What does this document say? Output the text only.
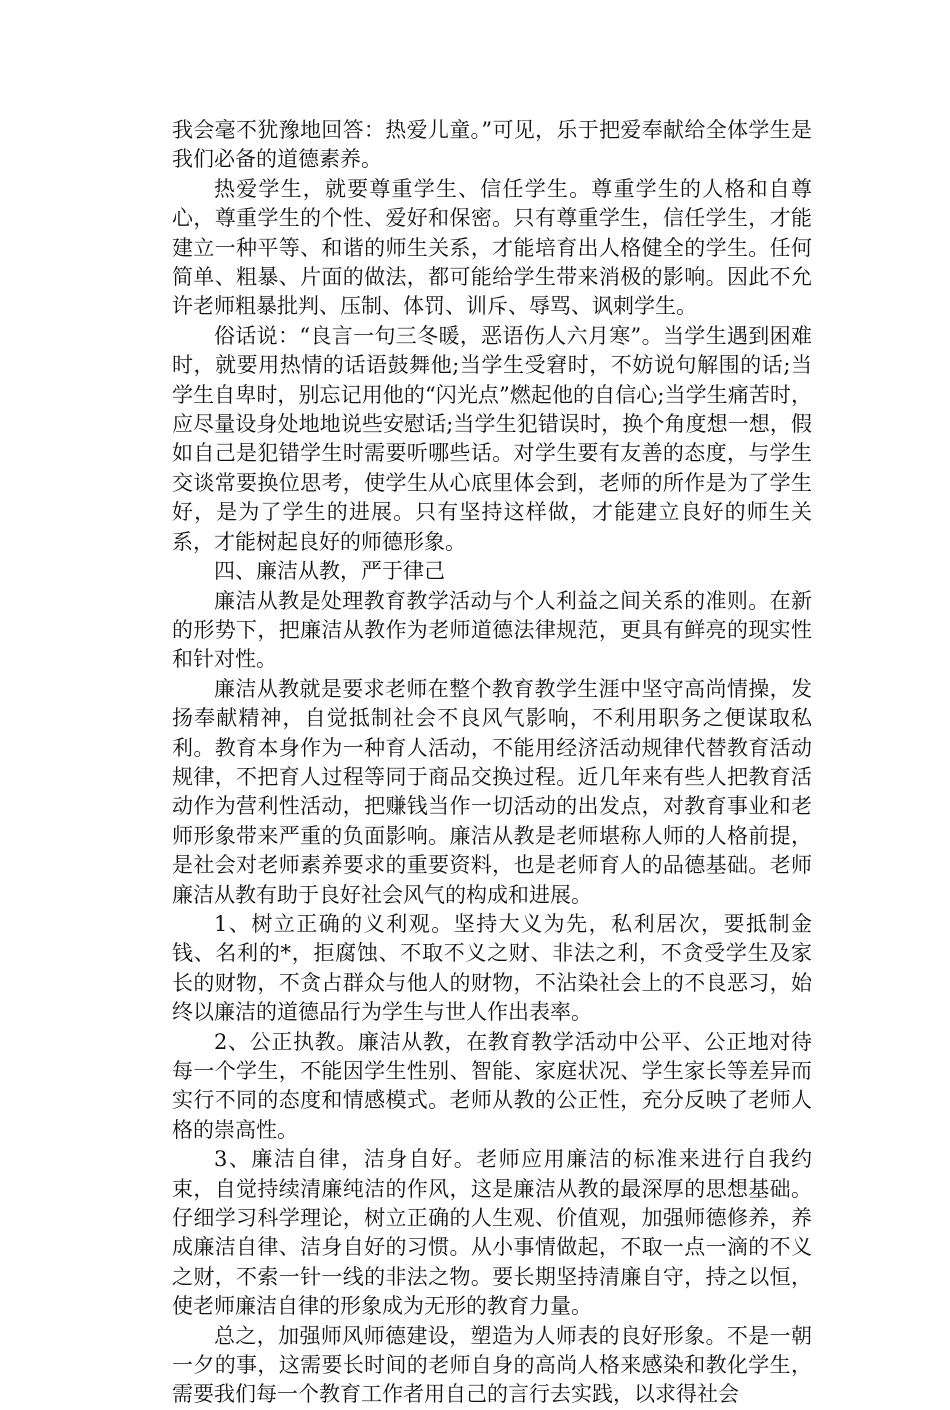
我会毫不犹豫地回答：热爱儿童。”可见，乐于把爱奉献给全体学生是我们必备的道德素养。

热爱学生，就要尊重学生、信任学生。尊重学生的人格和自尊心，尊重学生的个性、爱好和保密。只有尊重学生，信任学生，才能建立一种平等、和谐的师生关系，才能培育出人格健全的学生。任何简单、粗暴、片面的做法，都可能给学生带来消极的影响。因此不允许老师粗暴批判、压制、体罚、训斥、辱骂、讽刺学生。

俗话说：“良言一句三冬暖，恶语伤人六月寒”。当学生遇到困难时，就要用热情的话语鼓舞他;当学生受窘时，不妨说句解围的话;当学生自卑时，别忘记用他的“闪光点”燃起他的自信心;当学生痛苦时，应尽量设身处地地说些安慰话;当学生犯错误时，换个角度想一想，假如自己是犯错学生时需要听哪些话。对学生要有友善的态度，与学生交谈常要换位思考，使学生从心底里体会到，老师的所作是为了学生好，是为了学生的进展。只有坚持这样做，才能建立良好的师生关系，才能树起良好的师德形象。

四、廉洁从教，严于律己

廉洁从教是处理教育教学活动与个人利益之间关系的准则。在新的形势下，把廉洁从教作为老师道德法律规范，更具有鲜亮的现实性和针对性。

廉洁从教就是要求老师在整个教育教学生涯中坚守高尚情操，发扬奉献精神，自觉抵制社会不良风气影响，不利用职务之便谋取私利。教育本身作为一种育人活动，不能用经济活动规律代替教育活动规律，不把育人过程等同于商品交换过程。近几年来有些人把教育活动作为营利性活动，把赚钱当作一切活动的出发点，对教育事业和老师形象带来严重的负面影响。廉洁从教是老师堪称人师的人格前提，是社会对老师素养要求的重要资料，也是老师育人的品德基础。老师廉洁从教有助于良好社会风气的构成和进展。

1、树立正确的义利观。坚持大义为先，私利居次，要抵制金钱、名利的*，拒腐蚀、不取不义之财、非法之利，不贪受学生及家长的财物，不贪占群众与他人的财物，不沾染社会上的不良恶习，始终以廉洁的道德品行为学生与世人作出表率。

2、公正执教。廉洁从教，在教育教学活动中公平、公正地对待每一个学生，不能因学生性别、智能、家庭状况、学生家长等差异而实行不同的态度和情感模式。老师从教的公正性，充分反映了老师人格的崇高性。

3、廉洁自律，洁身自好。老师应用廉洁的标准来进行自我约束，自觉持续清廉纯洁的作风，这是廉洁从教的最深厚的思想基础。仔细学习科学理论，树立正确的人生观、价值观，加强师德修养，养成廉洁自律、洁身自好的习惯。从小事情做起，不取一点一滴的不义之财，不索一针一线的非法之物。要长期坚持清廉自守，持之以恒，使老师廉洁自律的形象成为无形的教育力量。

总之，加强师风师德建设，塑造为人师表的良好形象。不是一朝一夕的事，这需要长时间的老师自身的高尚人格来感染和教化学生，需要我们每一个教育工作者用自己的言行去实践，以求得社会
